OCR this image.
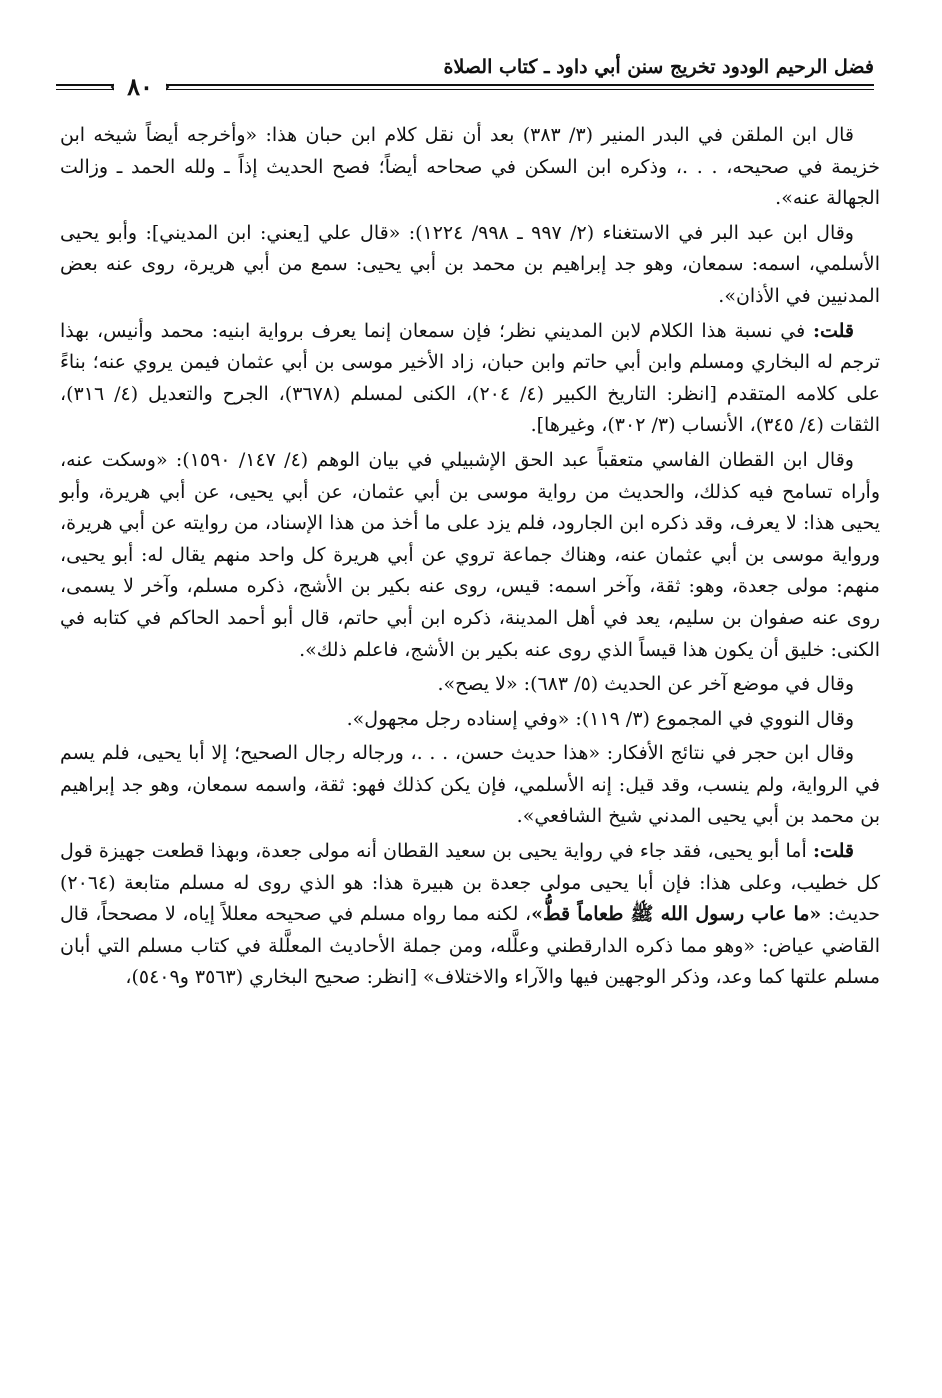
فضل الرحيم الودود تخريج سنن أبي داود ـ كتاب الصلاة
٨٠

قال ابن الملقن في البدر المنير (٣/ ٣٨٣) بعد أن نقل كلام ابن حبان هذا: «وأخرجه أيضاً شيخه ابن خزيمة في صحيحه، . . .، وذكره ابن السكن في صحاحه أيضاً؛ فصح الحديث إذاً ـ ولله الحمد ـ وزالت الجهالة عنه».

وقال ابن عبد البر في الاستغناء (٢/ ٩٩٧ ـ ٩٩٨/ ١٢٢٤): «قال علي [يعني: ابن المديني]: وأبو يحيى الأسلمي، اسمه: سمعان، وهو جد إبراهيم بن محمد بن أبي يحيى: سمع من أبي هريرة، روى عنه بعض المدنيين في الأذان».

قلت: في نسبة هذا الكلام لابن المديني نظر؛ فإن سمعان إنما يعرف برواية ابنيه: محمد وأنيس، بهذا ترجم له البخاري ومسلم وابن أبي حاتم وابن حبان، زاد الأخير موسى بن أبي عثمان فيمن يروي عنه؛ بناءً على كلامه المتقدم [انظر: التاريخ الكبير (٤/ ٢٠٤)، الكنى لمسلم (٣٦٧٨)، الجرح والتعديل (٤/ ٣١٦)، الثقات (٤/ ٣٤٥)، الأنساب (٣/ ٣٠٢)، وغيرها].

وقال ابن القطان الفاسي متعقباً عبد الحق الإشبيلي في بيان الوهم (٤/ ١٤٧/ ١٥٩٠): «وسكت عنه، وأراه تسامح فيه كذلك، والحديث من رواية موسى بن أبي عثمان، عن أبي يحيى، عن أبي هريرة، وأبو يحيى هذا: لا يعرف، وقد ذكره ابن الجارود، فلم يزد على ما أخذ من هذا الإسناد، من روايته عن أبي هريرة، ورواية موسى بن أبي عثمان عنه، وهناك جماعة تروي عن أبي هريرة كل واحد منهم يقال له: أبو يحيى، منهم: مولى جعدة، وهو: ثقة، وآخر اسمه: قيس، روى عنه بكير بن الأشج، ذكره مسلم، وآخر لا يسمى، روى عنه صفوان بن سليم، يعد في أهل المدينة، ذكره ابن أبي حاتم، قال أبو أحمد الحاكم في كتابه في الكنى: خليق أن يكون هذا قيساً الذي روى عنه بكير بن الأشج، فاعلم ذلك».

وقال في موضع آخر عن الحديث (٥/ ٦٨٣): «لا يصح».

وقال النووي في المجموع (٣/ ١١٩): «وفي إسناده رجل مجهول».

وقال ابن حجر في نتائج الأفكار: «هذا حديث حسن، . . .، ورجاله رجال الصحيح؛ إلا أبا يحيى، فلم يسم في الرواية، ولم ينسب، وقد قيل: إنه الأسلمي، فإن يكن كذلك فهو: ثقة، واسمه سمعان، وهو جد إبراهيم بن محمد بن أبي يحيى المدني شيخ الشافعي».

قلت: أما أبو يحيى، فقد جاء في رواية يحيى بن سعيد القطان أنه مولى جعدة، وبهذا قطعت جهيزة قول كل خطيب، وعلى هذا: فإن أبا يحيى مولى جعدة بن هبيرة هذا: هو الذي روى له مسلم متابعة (٢٠٦٤) حديث: «ما عاب رسول الله ﷺ طعاماً قطُّ»، لكنه مما رواه مسلم في صحيحه معللاً إياه، لا مصححاً، قال القاضي عياض: «وهو مما ذكره الدارقطني وعلَّله، ومن جملة الأحاديث المعلَّلة في كتاب مسلم التي أبان مسلم علتها كما وعد، وذكر الوجهين فيها والآراء والاختلاف» [انظر: صحيح البخاري (٣٥٦٣ و٥٤٠٩)،
